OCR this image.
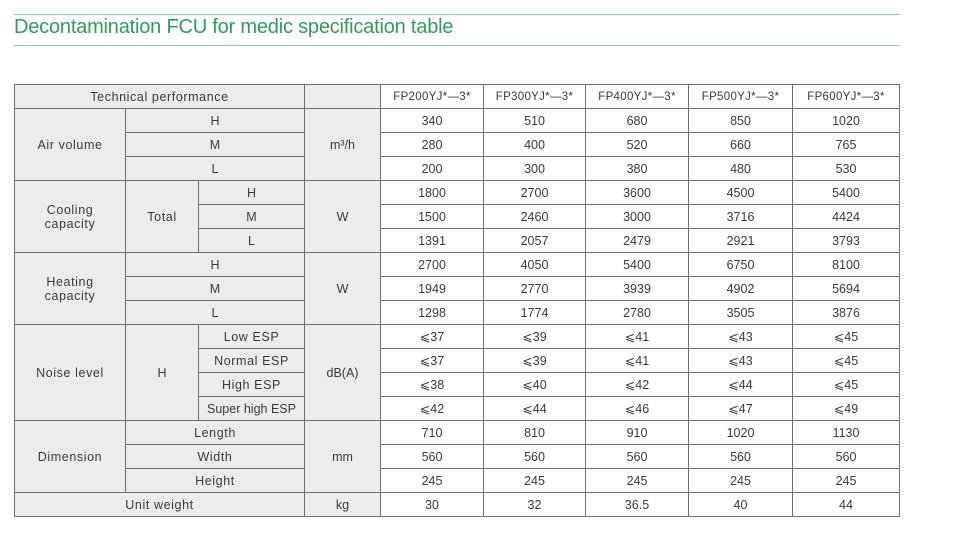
Decontamination FCU for medic specification table
Technical performance				FP200YJ*—3*	FP300YJ*—3*	FP400YJ*—3*	FP500YJ*—3*	FP600YJ*—3*
Air volume	H		m³/h	340	510	680	850	1020
	M			280	400	520	660	765
	L			200	300	380	480	530
Cooling
capacity	Total	H	W	1800	2700	3600	4500	5400
		M		1500	2460	3000	3716	4424
		L		1391	2057	2479	2921	3793
Heating
capacity	H		W	2700	4050	5400	6750	8100
	M			1949	2770	3939	4902	5694
	L			1298	1774	2780	3505	3876
Noise level	H	Low ESP	dB(A)	⩽37	⩽39	⩽41	⩽43	⩽45
		Normal ESP		⩽37	⩽39	⩽41	⩽43	⩽45
		High ESP		⩽38	⩽40	⩽42	⩽44	⩽45
		Super high ESP		⩽42	⩽44	⩽46	⩽47	⩽49
Dimension	Length		mm	710	810	910	1020	1130
	Width			560	560	560	560	560
	Height			245	245	245	245	245
Unit weight			kg	30	32	36.5	40	44
